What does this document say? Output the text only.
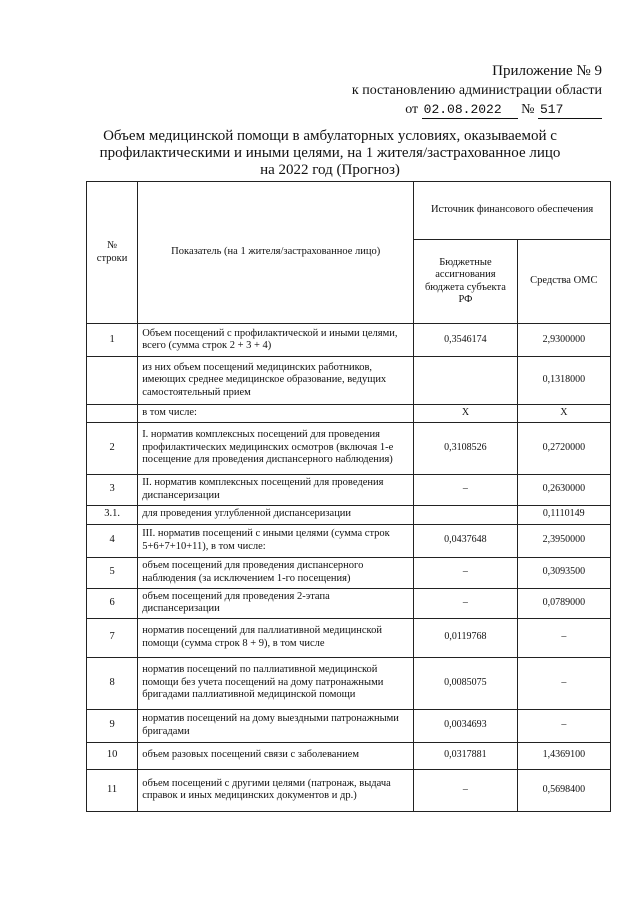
Приложение № 9
к постановлению администрации области
от 02.08.2022 № 517
Объем медицинской помощи в амбулаторных условиях, оказываемой с
профилактическими и иными целями, на 1 жителя/застрахованное лицо
на 2022 год (Прогноз)
№ строки	Показатель (на 1 жителя/застрахованное лицо)	Источник финансового обеспечения	
		Бюджетные ассигнования бюджета субъекта РФ	Средства ОМС
1	Объем посещений с профилактической и иными целями, всего (сумма строк 2 + 3 + 4)	0,3546174	2,9300000
	из них объем посещений медицинских работников, имеющих среднее медицинское образование, ведущих самостоятельный прием		0,1318000
	в том числе:	X	X
2	I. норматив комплексных посещений для проведения профилактических медицинских осмотров (включая 1-е посещение для проведения диспансерного наблюдения)	0,3108526	0,2720000
3	II. норматив комплексных посещений для проведения диспансеризации	–	0,2630000
3.1.	для проведения углубленной диспансеризации		0,1110149
4	III. норматив посещений с иными целями (сумма строк 5+6+7+10+11), в том числе:	0,0437648	2,3950000
5	объем посещений для проведения диспансерного наблюдения (за исключением 1-го посещения)	–	0,3093500
6	объем посещений для проведения 2-этапа диспансеризации	–	0,0789000
7	норматив посещений для паллиативной медицинской помощи (сумма строк 8 + 9), в том числе	0,0119768	–
8	норматив посещений по паллиативной медицинской помощи без учета посещений на дому патронажными бригадами паллиативной медицинской помощи	0,0085075	–
9	норматив посещений на дому выездными патронажными бригадами	0,0034693	–
10	объем разовых посещений связи с заболеванием	0,0317881	1,4369100
11	объем посещений с другими целями (патронаж, выдача справок и иных медицинских документов и др.)	–	0,5698400
